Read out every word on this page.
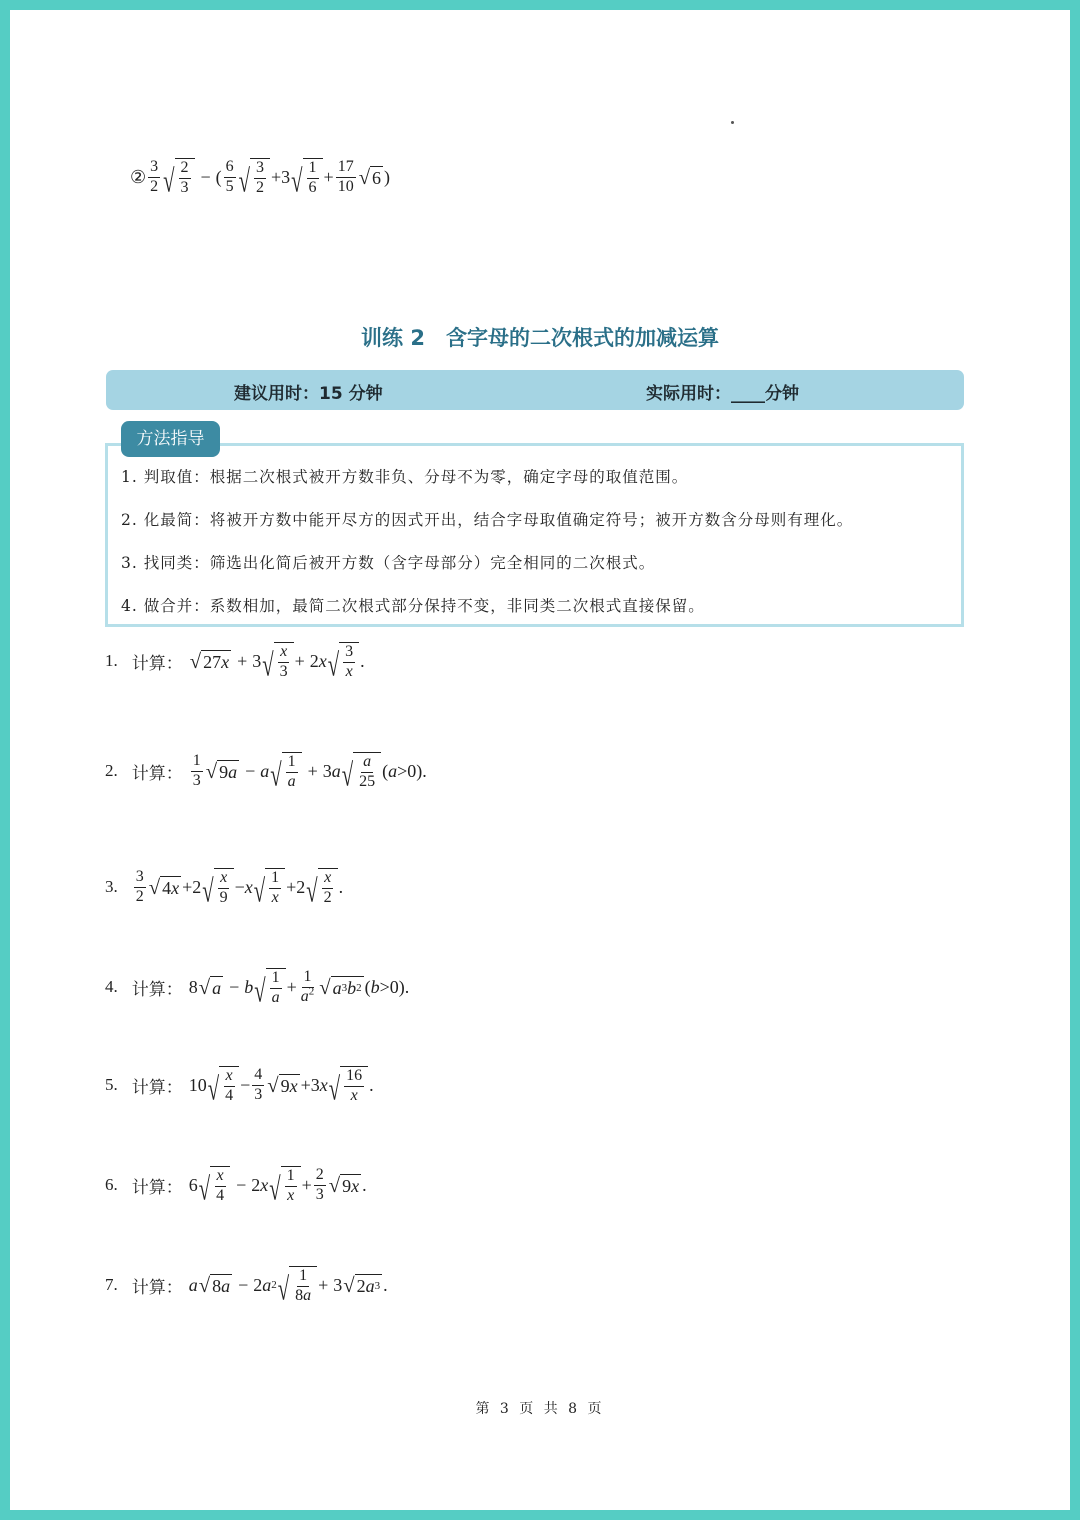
② $\frac{3}{2}$ √ $\frac{2}{3}$ − ( $\frac{6}{5}$ √ $\frac{3}{2} +3$ √ $\frac{1}{6} + \frac{17}{10}$ √ 6 )
训练 2　含字母的二次根式的加减运算
建议用时：15 分钟	实际用时：____分钟
方法指导
1. 判取值：根据二次根式被开方数非负、分母不为零，确定字母的取值范围。
2. 化最简：将被开方数中能开尽方的因式开出，结合字母取值确定符号；被开方数含分母则有理化。
3. 找同类：筛选出化简后被开方数（含字母部分）完全相同的二次根式。
4. 做合并：系数相加，最简二次根式部分保持不变，非同类二次根式直接保留。
1. 计算： √ 27 x + 3 √ $\frac{x}{3} + 2$ x √ $\frac{3}{x}$ .
2. 计算： $\frac{1}{3}$ √ 9 a − a √ $\frac{1}{a} + 3$ a √ $\frac{a}{25}$ ( a >0).
3. $\frac{3}{2}$ √ 4 x +2 √ $\frac{x}{9} - x$ √ $\frac{1}{x} +2$ √ $\frac{x}{2}$ .
4. 计算： 8 √ a − b √ $\frac{1}{a} + \frac{1}{a^2}$ √ a 3 b 2 ( b >0).
5. 计算： 10 √ $\frac{x}{4} - \frac{4}{3}$ √ 9 x +3 x √ $\frac{16}{x}$ .
6. 计算： 6 √ $\frac{x}{4} - 2$ x √ $\frac{1}{x} + \frac{2}{3}$ √ 9 x .
7. 计算： a √ 8 a − 2 a 2 √ $\frac{1}{8a} + 3$ √ 2 a 3 .
第 3 页 共 8 页
